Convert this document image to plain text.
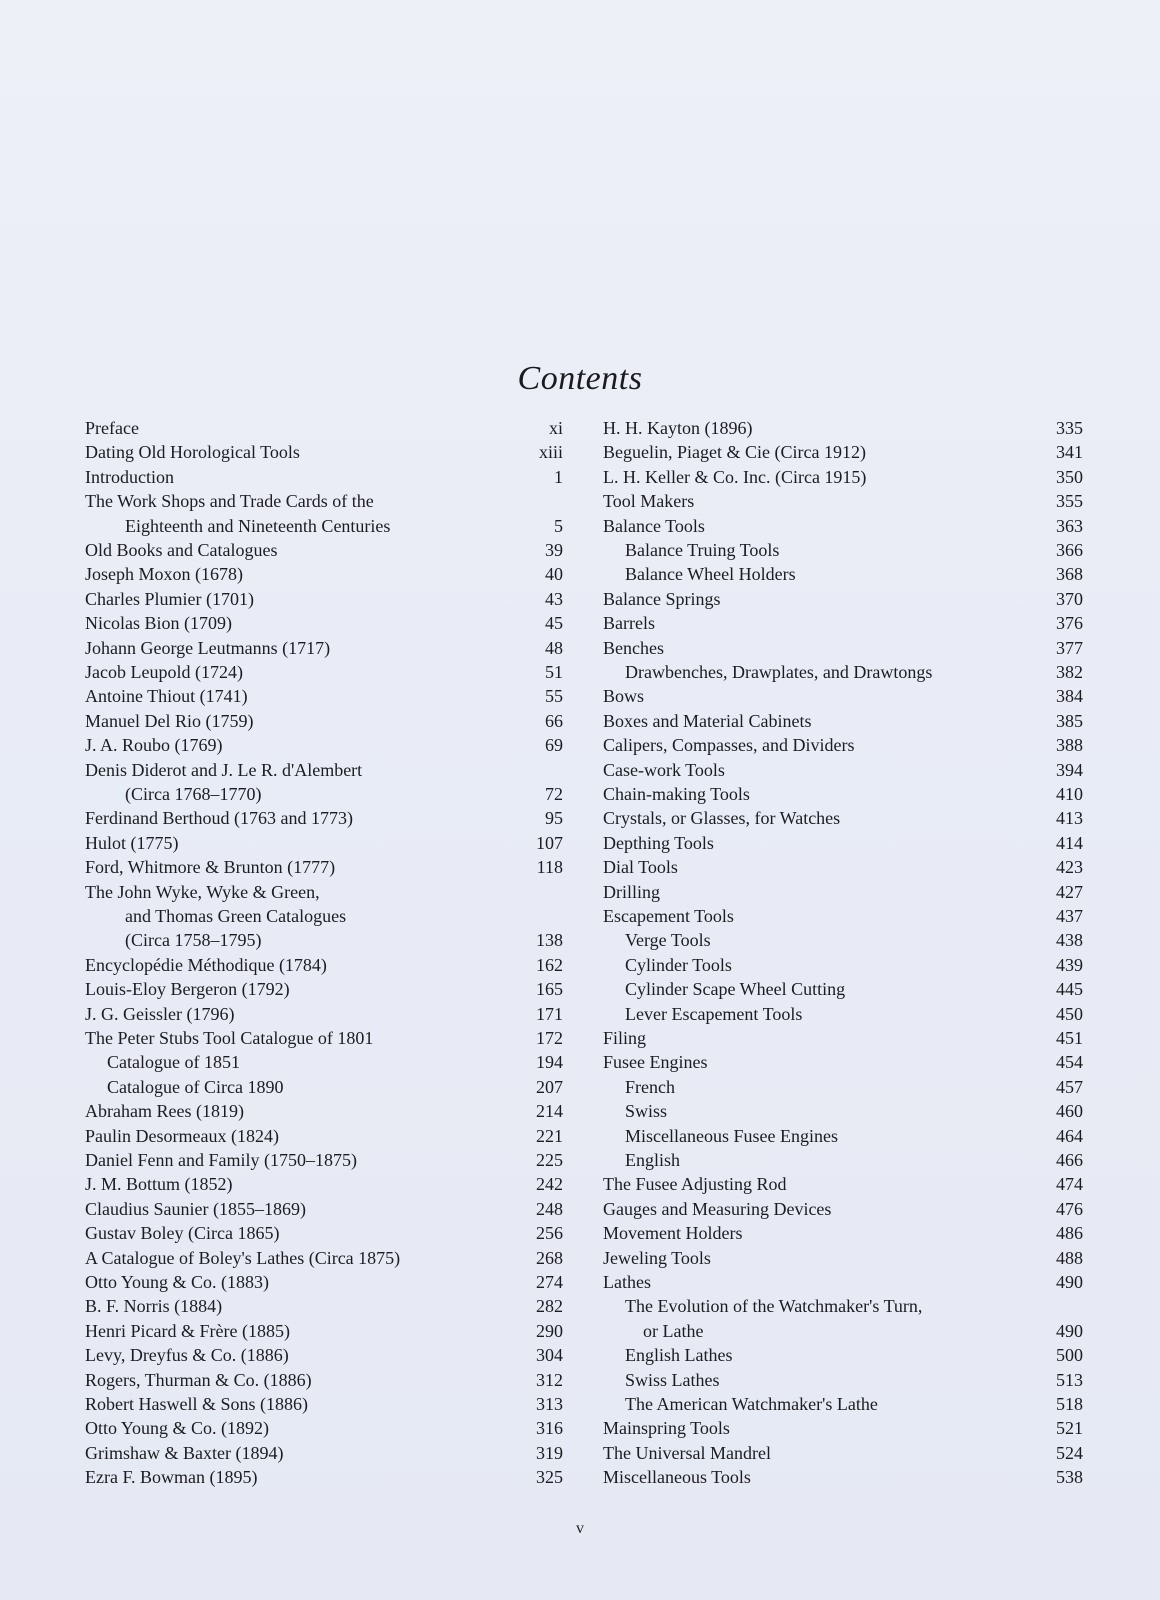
Contents
Preface	xi
Dating Old Horological Tools	xiii
Introduction	1
The Work Shops and Trade Cards of the
Eighteenth and Nineteenth Centuries	5
Old Books and Catalogues	39
Joseph Moxon (1678)	40
Charles Plumier (1701)	43
Nicolas Bion (1709)	45
Johann George Leutmanns (1717)	48
Jacob Leupold (1724)	51
Antoine Thiout (1741)	55
Manuel Del Rio (1759)	66
J. A. Roubo (1769)	69
Denis Diderot and J. Le R. d'Alembert
(Circa 1768–1770)	72
Ferdinand Berthoud (1763 and 1773)	95
Hulot (1775)	107
Ford, Whitmore & Brunton (1777)	118
The John Wyke, Wyke & Green,
and Thomas Green Catalogues
(Circa 1758–1795)	138
Encyclopédie Méthodique (1784)	162
Louis-Eloy Bergeron (1792)	165
J. G. Geissler (1796)	171
The Peter Stubs Tool Catalogue of 1801	172
Catalogue of 1851	194
Catalogue of Circa 1890	207
Abraham Rees (1819)	214
Paulin Desormeaux (1824)	221
Daniel Fenn and Family (1750–1875)	225
J. M. Bottum (1852)	242
Claudius Saunier (1855–1869)	248
Gustav Boley (Circa 1865)	256
A Catalogue of Boley's Lathes (Circa 1875)	268
Otto Young & Co. (1883)	274
B. F. Norris (1884)	282
Henri Picard & Frère (1885)	290
Levy, Dreyfus & Co. (1886)	304
Rogers, Thurman & Co. (1886)	312
Robert Haswell & Sons (1886)	313
Otto Young & Co. (1892)	316
Grimshaw & Baxter (1894)	319
Ezra F. Bowman (1895)	325
H. H. Kayton (1896)	335
Beguelin, Piaget & Cie (Circa 1912)	341
L. H. Keller & Co. Inc. (Circa 1915)	350
Tool Makers	355
Balance Tools	363
Balance Truing Tools	366
Balance Wheel Holders	368
Balance Springs	370
Barrels	376
Benches	377
Drawbenches, Drawplates, and Drawtongs	382
Bows	384
Boxes and Material Cabinets	385
Calipers, Compasses, and Dividers	388
Case-work Tools	394
Chain-making Tools	410
Crystals, or Glasses, for Watches	413
Depthing Tools	414
Dial Tools	423
Drilling	427
Escapement Tools	437
Verge Tools	438
Cylinder Tools	439
Cylinder Scape Wheel Cutting	445
Lever Escapement Tools	450
Filing	451
Fusee Engines	454
French	457
Swiss	460
Miscellaneous Fusee Engines	464
English	466
The Fusee Adjusting Rod	474
Gauges and Measuring Devices	476
Movement Holders	486
Jeweling Tools	488
Lathes	490
The Evolution of the Watchmaker's Turn,
or Lathe	490
English Lathes	500
Swiss Lathes	513
The American Watchmaker's Lathe	518
Mainspring Tools	521
The Universal Mandrel	524
Miscellaneous Tools	538
v
